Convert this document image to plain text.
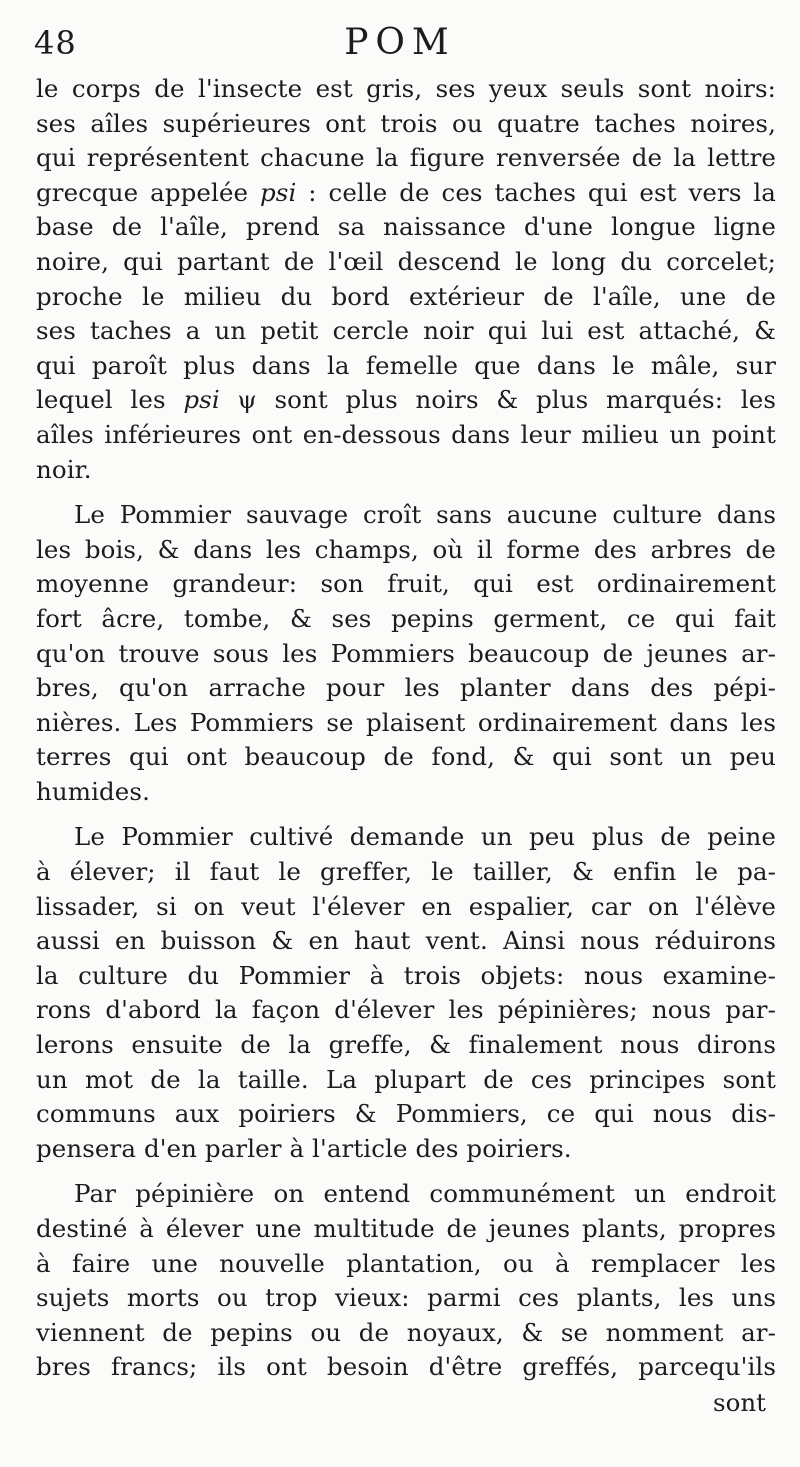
48	POM
le corps de l'insecte est gris, ses yeux seuls sont noirs:
ses aîles supérieures ont trois ou quatre taches noires,
qui représentent chacune la figure renversée de la lettre
grecque appelée psi : celle de ces taches qui est vers la
base de l'aîle, prend sa naissance d'une longue ligne
noire, qui partant de l'œil descend le long du corcelet;
proche le milieu du bord extérieur de l'aîle, une de
ses taches a un petit cercle noir qui lui est attaché, &
qui paroît plus dans la femelle que dans le mâle, sur
lequel les psi ψ sont plus noirs & plus marqués: les
aîles inférieures ont en-dessous dans leur milieu un point
noir.
Le Pommier sauvage croît sans aucune culture dans
les bois, & dans les champs, où il forme des arbres de
moyenne grandeur: son fruit, qui est ordinairement
fort âcre, tombe, & ses pepins germent, ce qui fait
qu'on trouve sous les Pommiers beaucoup de jeunes ar-
bres, qu'on arrache pour les planter dans des pépi-
nières. Les Pommiers se plaisent ordinairement dans les
terres qui ont beaucoup de fond, & qui sont un peu
humides.
Le Pommier cultivé demande un peu plus de peine
à élever; il faut le greffer, le tailler, & enfin le pa-
lissader, si on veut l'élever en espalier, car on l'élève
aussi en buisson & en haut vent. Ainsi nous réduirons
la culture du Pommier à trois objets: nous examine-
rons d'abord la façon d'élever les pépinières; nous par-
lerons ensuite de la greffe, & finalement nous dirons
un mot de la taille. La plupart de ces principes sont
communs aux poiriers & Pommiers, ce qui nous dis-
pensera d'en parler à l'article des poiriers.
Par pépinière on entend communément un endroit
destiné à élever une multitude de jeunes plants, propres
à faire une nouvelle plantation, ou à remplacer les
sujets morts ou trop vieux: parmi ces plants, les uns
viennent de pepins ou de noyaux, & se nomment ar-
bres francs; ils ont besoin d'être greffés, parcequ'ils
sont
